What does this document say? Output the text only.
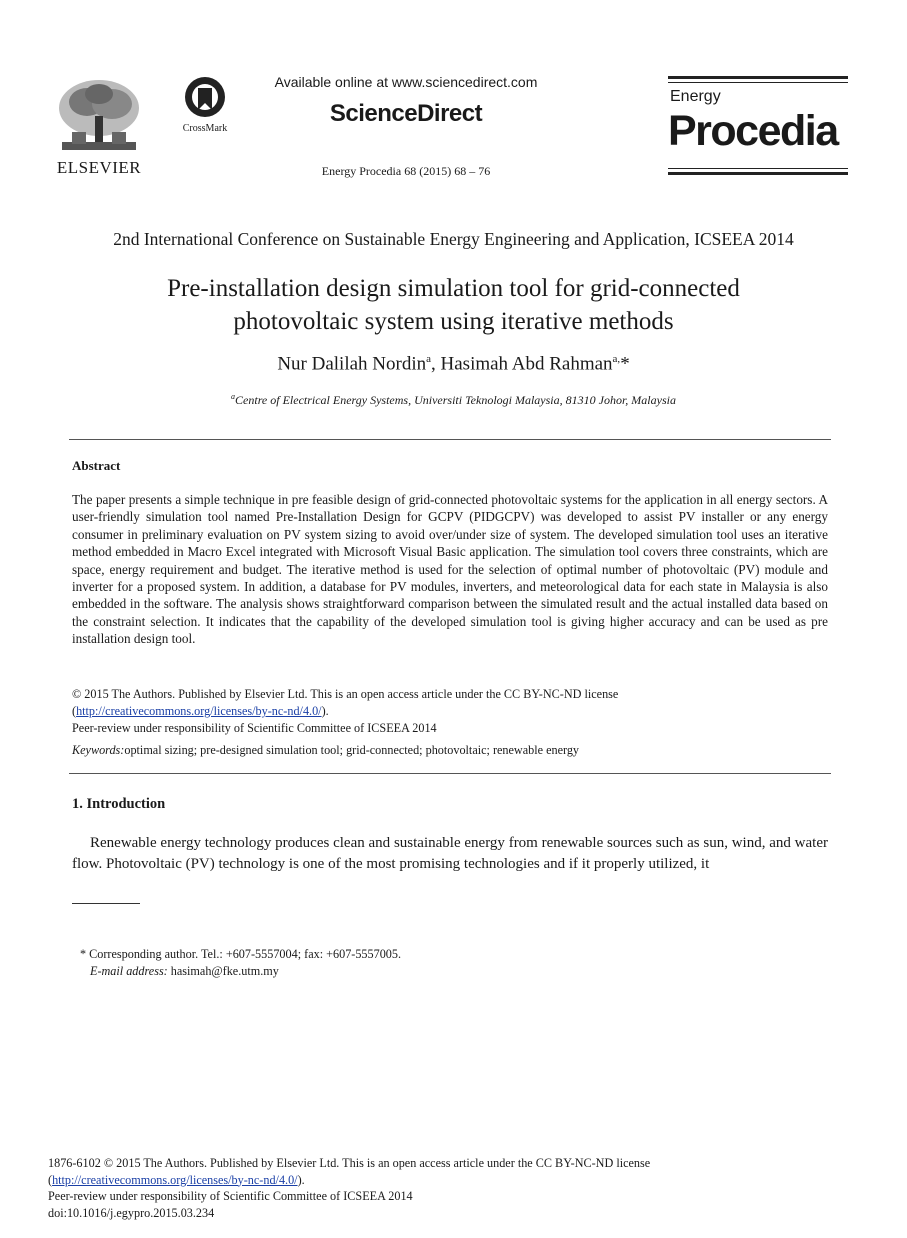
ELSEVIER
CrossMark
Available online at www.sciencedirect.com
ScienceDirect
Energy Procedia 68 (2015) 68 – 76
Energy
Procedia
2nd International Conference on Sustainable Energy Engineering and Application, ICSEEA 2014
Pre-installation design simulation tool for grid-connected
photovoltaic system using iterative methods
Nur Dalilah Nordin$^a$, Hasimah Abd Rahman$^{a,}$*
$^a$Centre of Electrical Energy Systems, Universiti Teknologi Malaysia, 81310 Johor, Malaysia
Abstract
The paper presents a simple technique in pre feasible design of grid-connected photovoltaic systems for the application in all energy sectors. A user-friendly simulation tool named Pre-Installation Design for GCPV (PIDGCPV) was developed to assist PV installer or any energy consumer in preliminary evaluation on PV system sizing to avoid over/under size of system. The developed simulation tool uses an iterative method embedded in Macro Excel integrated with Microsoft Visual Basic application. The simulation tool covers three constraints, which are space, energy requirement and budget. The iterative method is used for the selection of optimal number of photovoltaic (PV) module and inverter for a proposed system. In addition, a database for PV modules, inverters, and meteorological data for each state in Malaysia is also embedded in the software. The analysis shows straightforward comparison between the simulated result and the actual installed data based on the constraint selection. It indicates that the capability of the developed simulation tool is giving higher accuracy and can be used as pre installation design tool.
© 2015 The Authors. Published by Elsevier Ltd. This is an open access article under the CC BY-NC-ND license
(http://creativecommons.org/licenses/by-nc-nd/4.0/).
Peer-review under responsibility of Scientific Committee of ICSEEA 2014
Keywords:optimal sizing; pre-designed simulation tool; grid-connected; photovoltaic; renewable energy
1. Introduction
Renewable energy technology produces clean and sustainable energy from renewable sources such as sun, wind, and water flow. Photovoltaic (PV) technology is one of the most promising technologies and if it properly utilized, it
* Corresponding author. Tel.: +607-5557004; fax: +607-5557005.
E-mail address: hasimah@fke.utm.my
1876-6102 © 2015 The Authors. Published by Elsevier Ltd. This is an open access article under the CC BY-NC-ND license
(http://creativecommons.org/licenses/by-nc-nd/4.0/).
Peer-review under responsibility of Scientific Committee of ICSEEA 2014
doi:10.1016/j.egypro.2015.03.234
